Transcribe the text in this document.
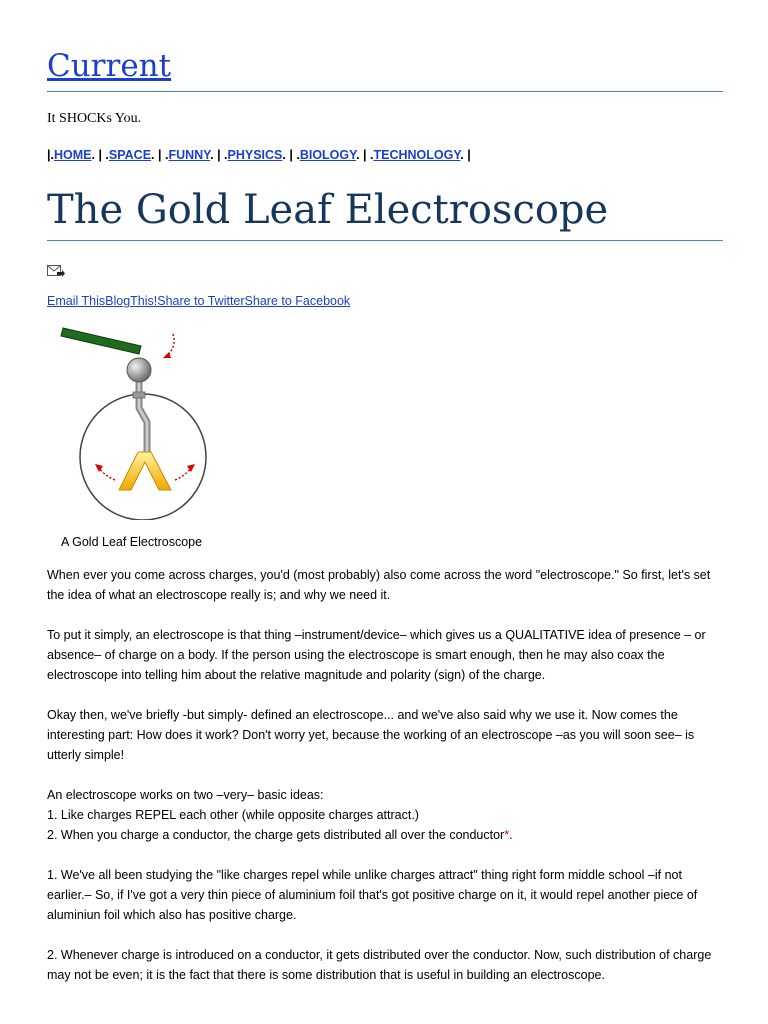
Current
It SHOCKs You.
|.HOME. | .SPACE. | .FUNNY. | .PHYSICS. | .BIOLOGY. | .TECHNOLOGY. |
The Gold Leaf Electroscope
Email ThisBlogThis!Share to TwitterShare to Facebook
A Gold Leaf Electroscope
When ever you come across charges, you'd (most probably) also come across the word "electroscope." So first, let's set the idea of what an electroscope really is; and why we need it.
To put it simply, an electroscope is that thing –instrument/device– which gives us a QUALITATIVE idea of presence – or absence– of charge on a body. If the person using the electroscope is smart enough, then he may also coax the electroscope into telling him about the relative magnitude and polarity (sign) of the charge.
Okay then, we've briefly -but simply- defined an electroscope... and we've also said why we use it. Now comes the interesting part: How does it work? Don't worry yet, because the working of an electroscope –as you will soon see– is utterly simple!
An electroscope works on two –very– basic ideas:
1. Like charges REPEL each other (while opposite charges attract.)
2. When you charge a conductor, the charge gets distributed all over the conductor*.
1. We've all been studying the "like charges repel while unlike charges attract" thing right form middle school –if not earlier.– So, if I've got a very thin piece of aluminium foil that's got positive charge on it, it would repel another piece of aluminiun foil which also has positive charge.
2. Whenever charge is introduced on a conductor, it gets distributed over the conductor. Now, such distribution of charge may not be even; it is the fact that there is some distribution that is useful in building an electroscope.
